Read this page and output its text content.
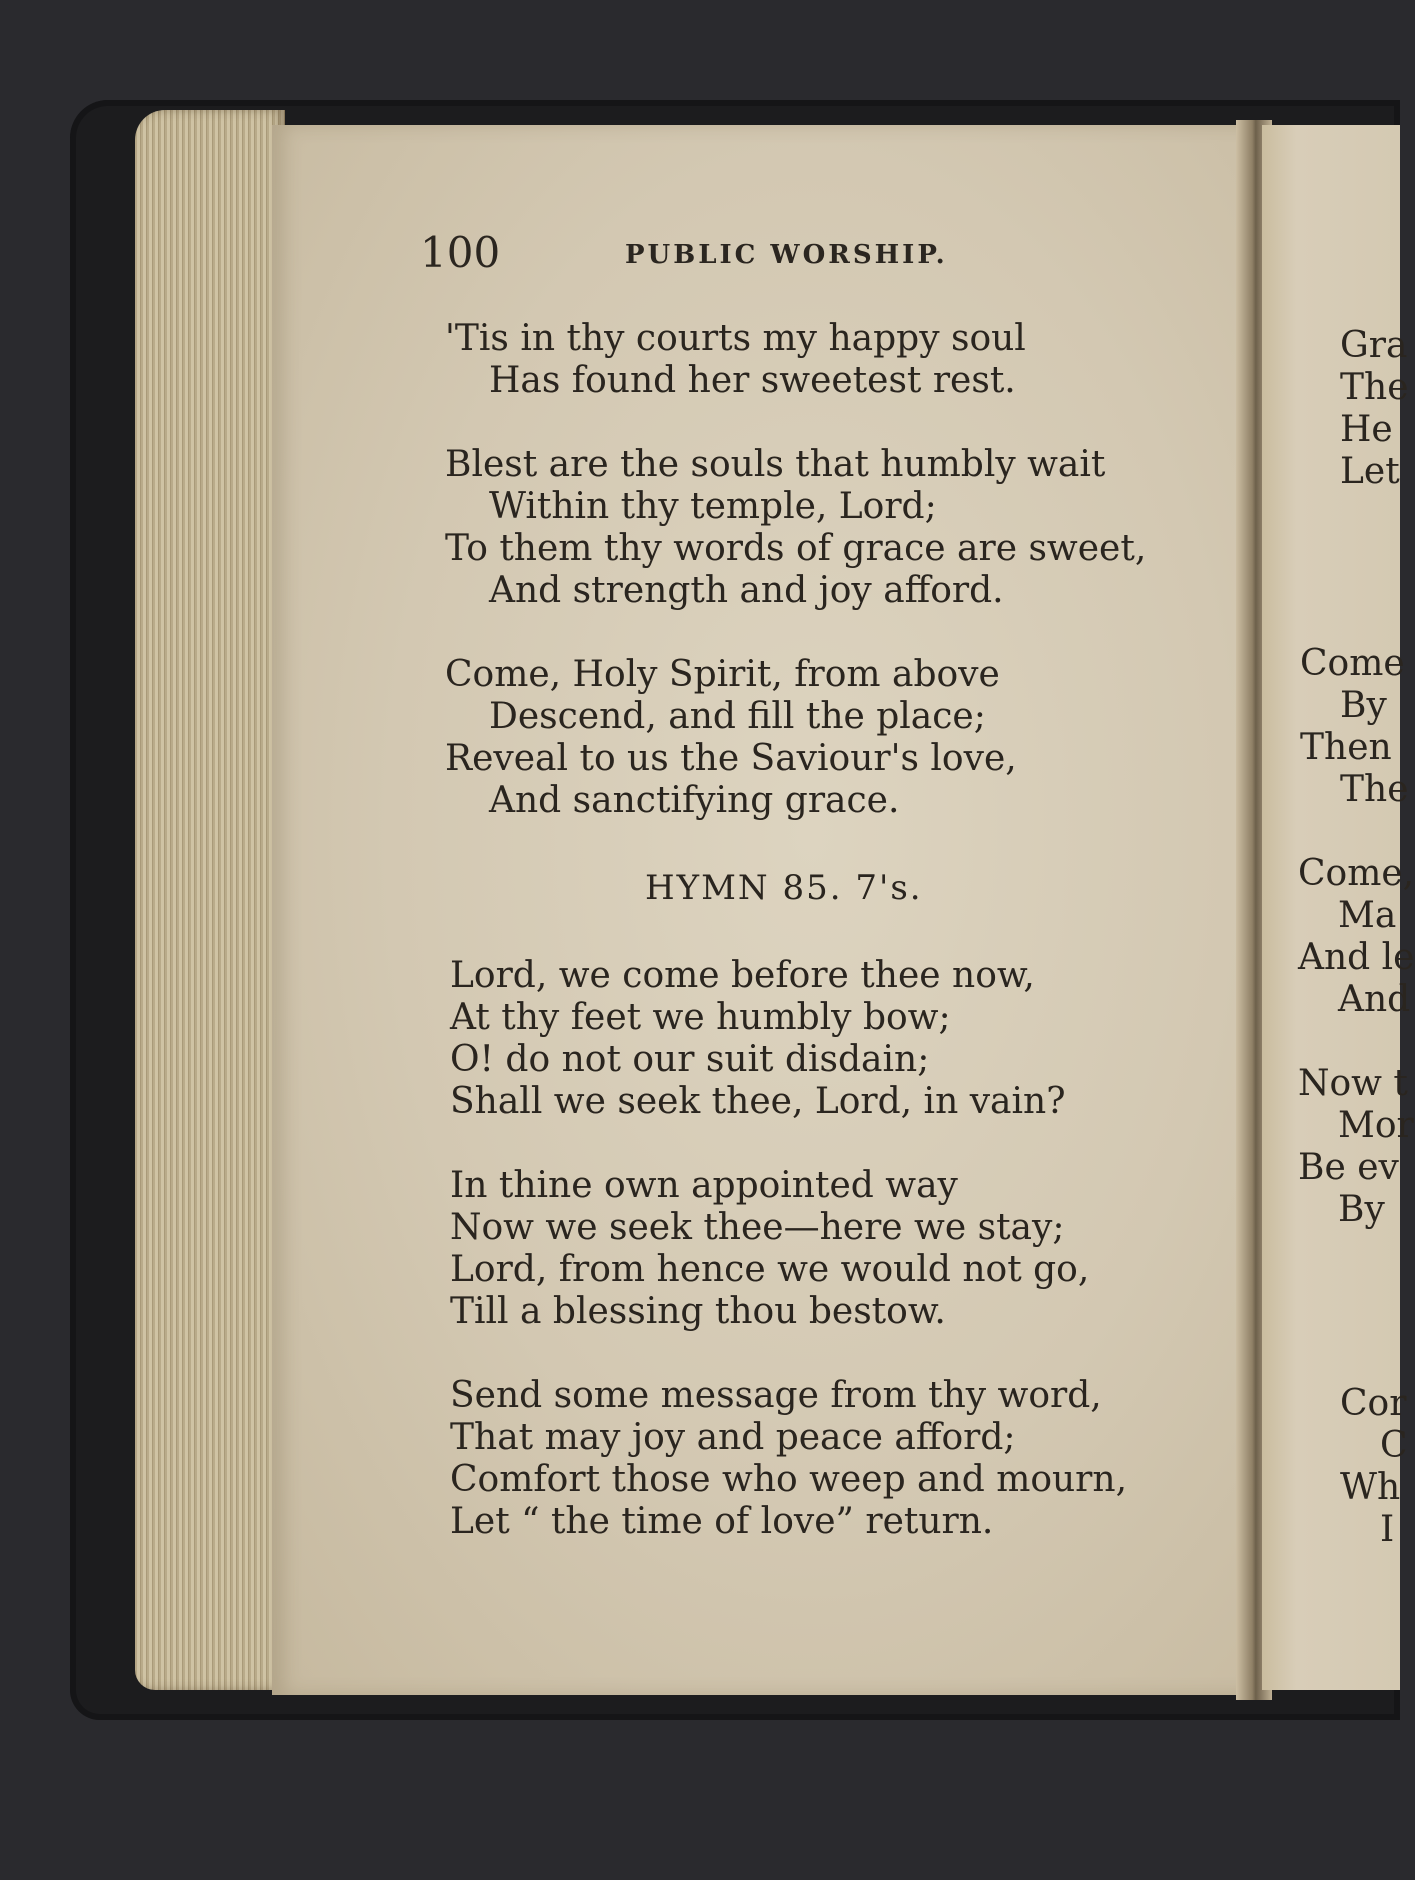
100	PUBLIC WORSHIP.
'Tis in thy courts my happy soul
Has found her sweetest rest.
Blest are the souls that humbly wait
Within thy temple, Lord;
To them thy words of grace are sweet,
And strength and joy afford.
Come, Holy Spirit, from above
Descend, and fill the place;
Reveal to us the Saviour's love,
And sanctifying grace.
HYMN 85. 7's.
Lord, we come before thee now,
At thy feet we humbly bow;
O! do not our suit disdain;
Shall we seek thee, Lord, in vain?
In thine own appointed way
Now we seek thee—here we stay;
Lord, from hence we would not go,
Till a blessing thou bestow.
Send some message from thy word,
That may joy and peace afford;
Comfort those who weep and mourn,
Let “ the time of love” return.
Gra
The
He
Let
Come
By
Then
The
Come,
Ma
And le
And
Now t
Mor
Be ev
By
Cor
C
Wh
I
